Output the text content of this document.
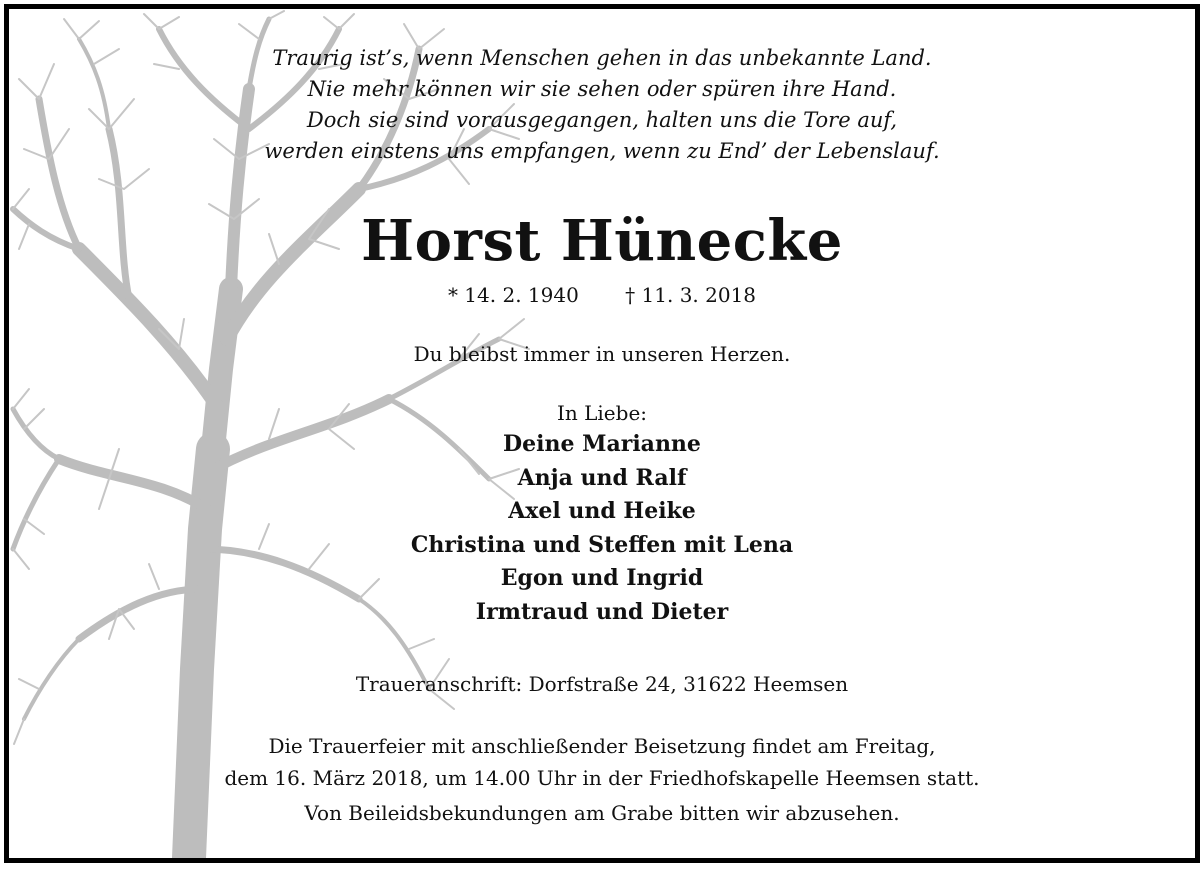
Traurig ist’s, wenn Menschen gehen in das unbekannte Land.
Nie mehr können wir sie sehen oder spüren ihre Hand.
Doch sie sind vorausgegangen, halten uns die Tore auf,
werden einstens uns empfangen, wenn zu End’ der Lebenslauf.
Horst Hünecke
* 14. 2. 1940 † 11. 3. 2018
Du bleibst immer in unseren Herzen.
In Liebe:
Deine Marianne
Anja und Ralf
Axel und Heike
Christina und Steffen mit Lena
Egon und Ingrid
Irmtraud und Dieter
Traueranschrift: Dorfstraße 24, 31622 Heemsen
Die Trauerfeier mit anschließender Beisetzung findet am Freitag,
dem 16. März 2018, um 14.00 Uhr in der Friedhofskapelle Heemsen statt.
Von Beileidsbekundungen am Grabe bitten wir abzusehen.
